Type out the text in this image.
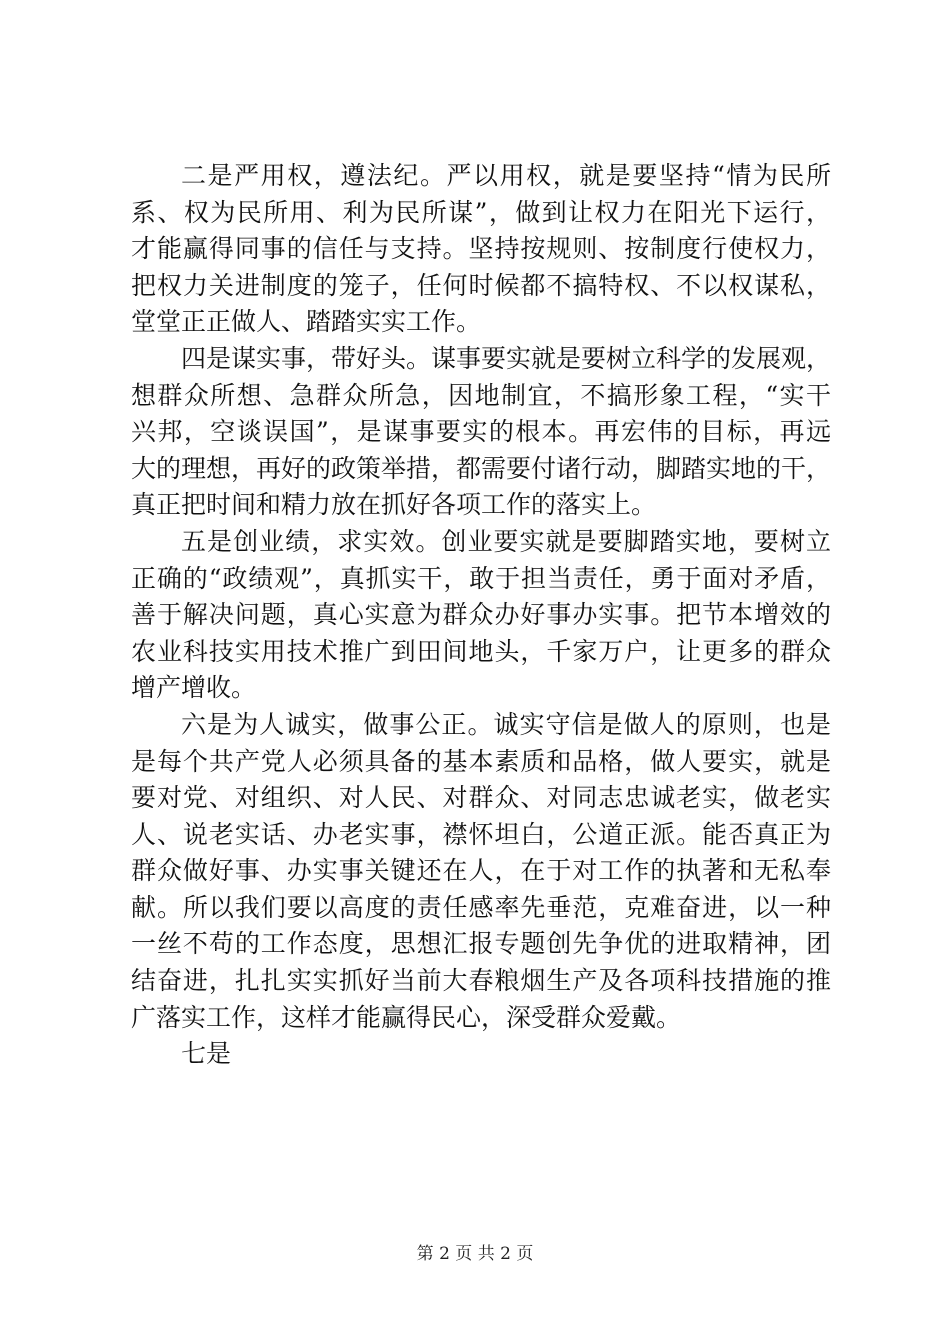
二是严用权，遵法纪。严以用权，就是要坚持“情为民所
系、权为民所用、利为民所谋”，做到让权力在阳光下运行，
才能赢得同事的信任与支持。坚持按规则、按制度行使权力，
把权力关进制度的笼子，任何时候都不搞特权、不以权谋私，
堂堂正正做人、踏踏实实工作。
四是谋实事，带好头。谋事要实就是要树立科学的发展观，
想群众所想、急群众所急，因地制宜，不搞形象工程，“实干
兴邦，空谈误国”，是谋事要实的根本。再宏伟的目标，再远
大的理想，再好的政策举措，都需要付诸行动，脚踏实地的干，
真正把时间和精力放在抓好各项工作的落实上。
五是创业绩，求实效。创业要实就是要脚踏实地，要树立
正确的“政绩观”，真抓实干，敢于担当责任，勇于面对矛盾，
善于解决问题，真心实意为群众办好事办实事。把节本增效的
农业科技实用技术推广到田间地头，千家万户，让更多的群众
增产增收。
六是为人诚实，做事公正。诚实守信是做人的原则，也是
是每个共产党人必须具备的基本素质和品格，做人要实，就是
要对党、对组织、对人民、对群众、对同志忠诚老实，做老实
人、说老实话、办老实事，襟怀坦白，公道正派。能否真正为
群众做好事、办实事关键还在人，在于对工作的执著和无私奉
献。所以我们要以高度的责任感率先垂范，克难奋进，以一种
一丝不苟的工作态度，思想汇报专题创先争优的进取精神，团
结奋进，扎扎实实抓好当前大春粮烟生产及各项科技措施的推
广落实工作，这样才能赢得民心，深受群众爱戴。
七是
第 2 页 共 2 页
